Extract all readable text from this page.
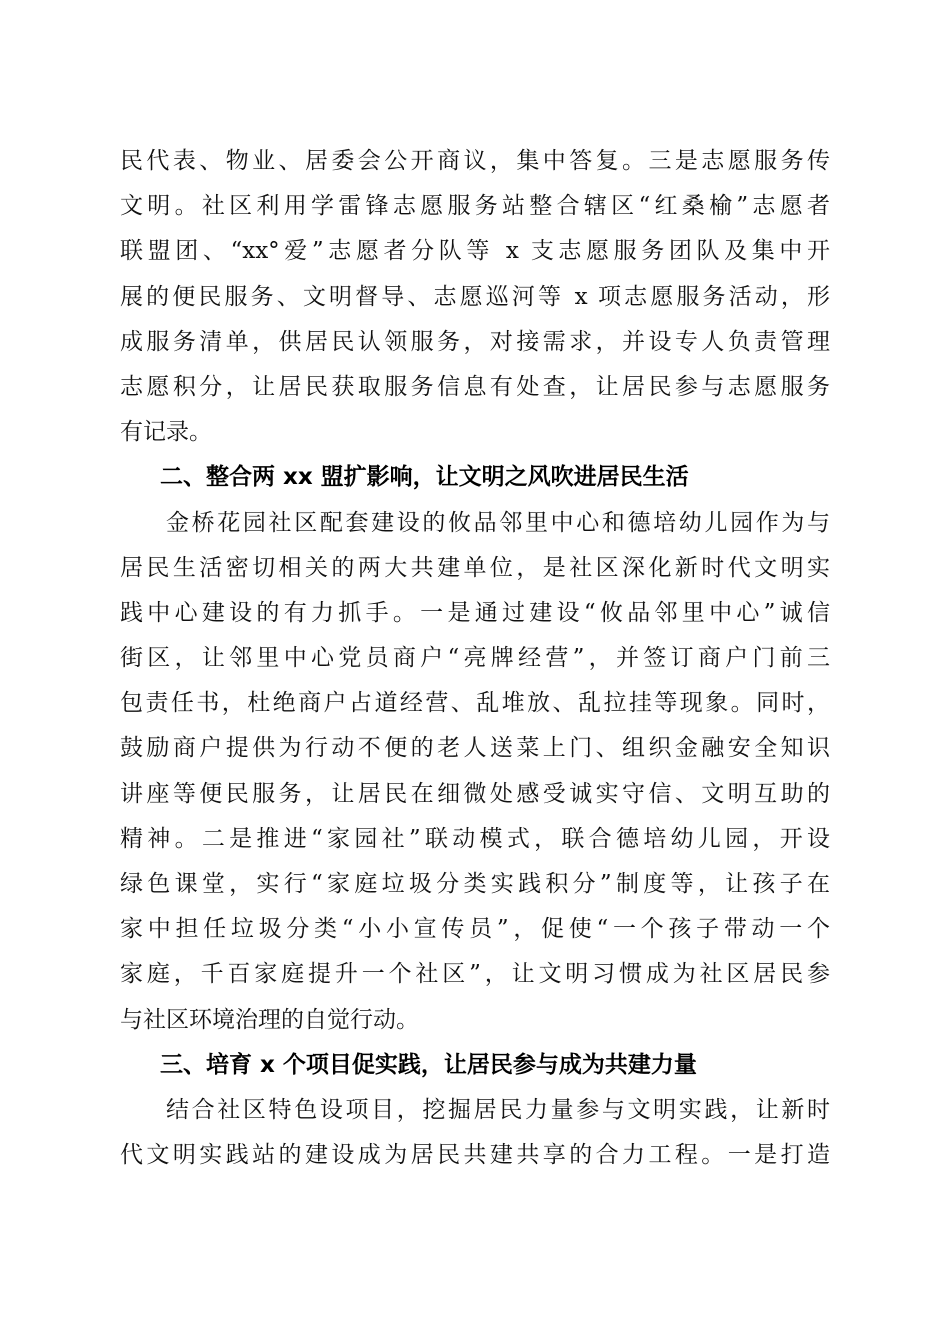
民代表、物业、居委会公开商议，集中答复。三是志愿服务传
文明。社区利用学雷锋志愿服务站整合辖区“红桑榆”志愿者
联盟团、“xx°爱”志愿者分队等 x 支志愿服务团队及集中开
展的便民服务、文明督导、志愿巡河等 x 项志愿服务活动，形
成服务清单，供居民认领服务，对接需求，并设专人负责管理
志愿积分，让居民获取服务信息有处查，让居民参与志愿服务
有记录。
二、整合两 xx 盟扩影响，让文明之风吹进居民生活
金桥花园社区配套建设的攸品邻里中心和德培幼儿园作为与
居民生活密切相关的两大共建单位，是社区深化新时代文明实
践中心建设的有力抓手。一是通过建设“攸品邻里中心”诚信
街区，让邻里中心党员商户“亮牌经营”，并签订商户门前三
包责任书，杜绝商户占道经营、乱堆放、乱拉挂等现象。同时，
鼓励商户提供为行动不便的老人送菜上门、组织金融安全知识
讲座等便民服务，让居民在细微处感受诚实守信、文明互助的
精神。二是推进“家园社”联动模式，联合德培幼儿园，开设
绿色课堂，实行“家庭垃圾分类实践积分”制度等，让孩子在
家中担任垃圾分类“小小宣传员”，促使“一个孩子带动一个
家庭，千百家庭提升一个社区”，让文明习惯成为社区居民参
与社区环境治理的自觉行动。
三、培育 x 个项目促实践，让居民参与成为共建力量
结合社区特色设项目，挖掘居民力量参与文明实践，让新时
代文明实践站的建设成为居民共建共享的合力工程。一是打造
